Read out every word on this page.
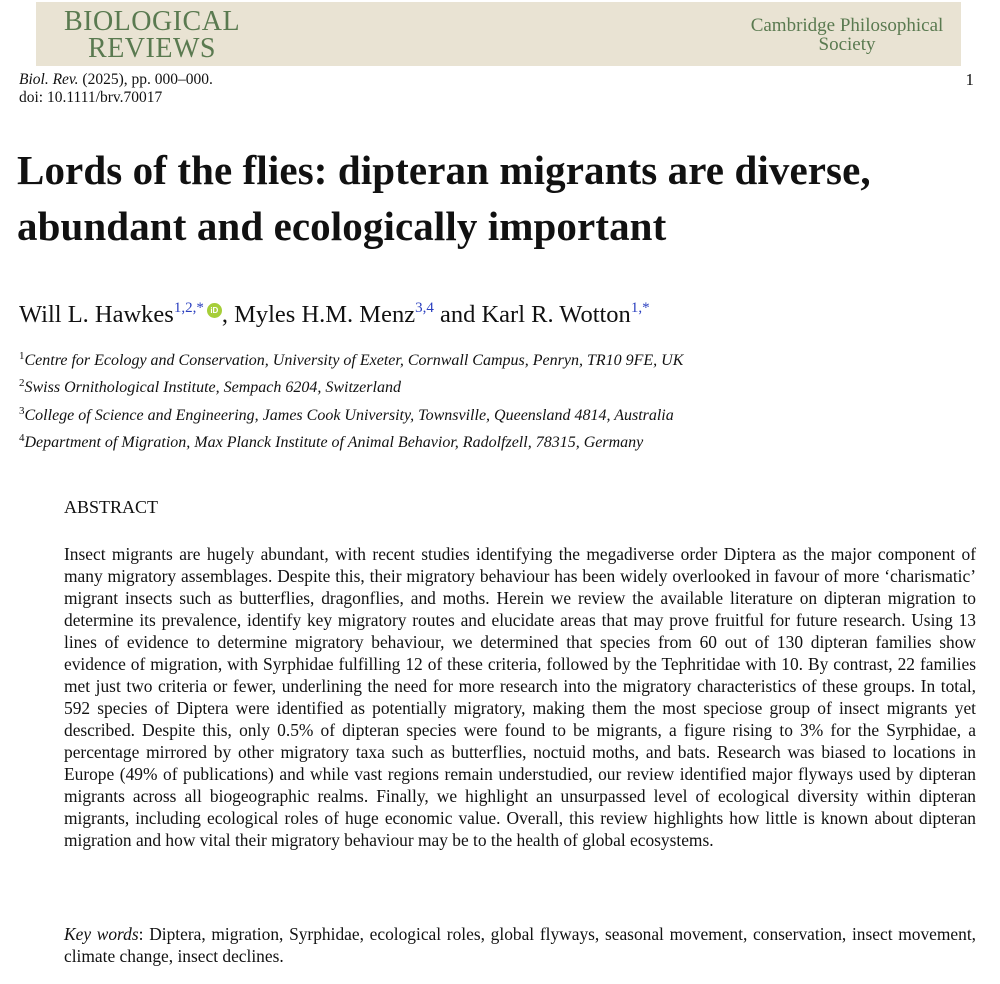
BIOLOGICAL REVIEWS
Cambridge Philosophical Society
Biol. Rev. (2025), pp. 000–000.
doi: 10.1111/brv.70017
1
Lords of the flies: dipteran migrants are diverse, abundant and ecologically important
Will L. Hawkes$^{1,2,*}$ iD , Myles H.M. Menz$^{3,4}$ and Karl R. Wotton$^{1,*}$
$^1$Centre for Ecology and Conservation, University of Exeter, Cornwall Campus, Penryn, TR10 9FE, UK
$^2$Swiss Ornithological Institute, Sempach 6204, Switzerland
$^3$College of Science and Engineering, James Cook University, Townsville, Queensland 4814, Australia
$^4$Department of Migration, Max Planck Institute of Animal Behavior, Radolfzell, 78315, Germany
ABSTRACT

Insect migrants are hugely abundant, with recent studies identifying the megadiverse order Diptera as the major component of many migratory assemblages. Despite this, their migratory behaviour has been widely overlooked in favour of more ‘charismatic’ migrant insects such as butterflies, dragonflies, and moths. Herein we review the available literature on dipteran migration to determine its prevalence, identify key migratory routes and elucidate areas that may prove fruitful for future research. Using 13 lines of evidence to determine migratory behaviour, we determined that species from 60 out of 130 dipteran families show evidence of migration, with Syrphidae fulfilling 12 of these criteria, followed by the Tephritidae with 10. By contrast, 22 families met just two criteria or fewer, underlining the need for more research into the migratory characteristics of these groups. In total, 592 species of Diptera were identified as potentially migratory, making them the most speciose group of insect migrants yet described. Despite this, only 0.5% of dipteran species were found to be migrants, a figure rising to 3% for the Syrphidae, a percentage mirrored by other migratory taxa such as butterflies, noctuid moths, and bats. Research was biased to locations in Europe (49% of publications) and while vast regions remain understudied, our review identified major flyways used by dipteran migrants across all biogeographic realms. Finally, we highlight an unsurpassed level of ecological diversity within dipteran migrants, including ecological roles of huge economic value. Overall, this review highlights how little is known about dipteran migration and how vital their migratory behaviour may be to the health of global ecosystems.

Key words: Diptera, migration, Syrphidae, ecological roles, global flyways, seasonal movement, conservation, insect movement, climate change, insect declines.
